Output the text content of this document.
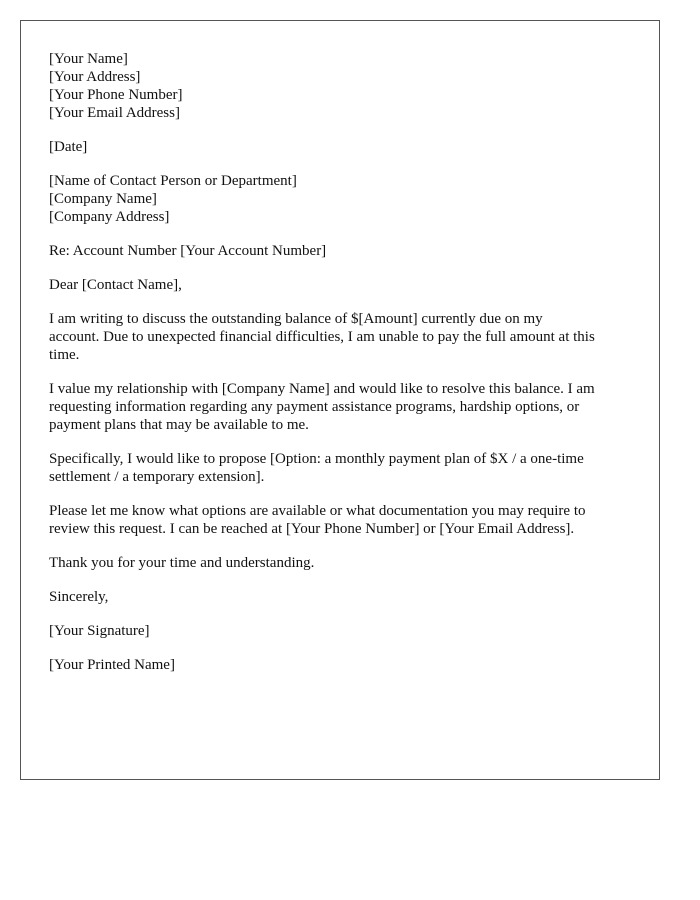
[Your Name]
[Your Address]
[Your Phone Number]
[Your Email Address]
[Date]
[Name of Contact Person or Department]
[Company Name]
[Company Address]
Re: Account Number [Your Account Number]
Dear [Contact Name],
I am writing to discuss the outstanding balance of $[Amount] currently due on my
account. Due to unexpected financial difficulties, I am unable to pay the full amount at this
time.
I value my relationship with [Company Name] and would like to resolve this balance. I am
requesting information regarding any payment assistance programs, hardship options, or
payment plans that may be available to me.
Specifically, I would like to propose [Option: a monthly payment plan of $X / a one-time
settlement / a temporary extension].
Please let me know what options are available or what documentation you may require to
review this request. I can be reached at [Your Phone Number] or [Your Email Address].
Thank you for your time and understanding.
Sincerely,
[Your Signature]
[Your Printed Name]
